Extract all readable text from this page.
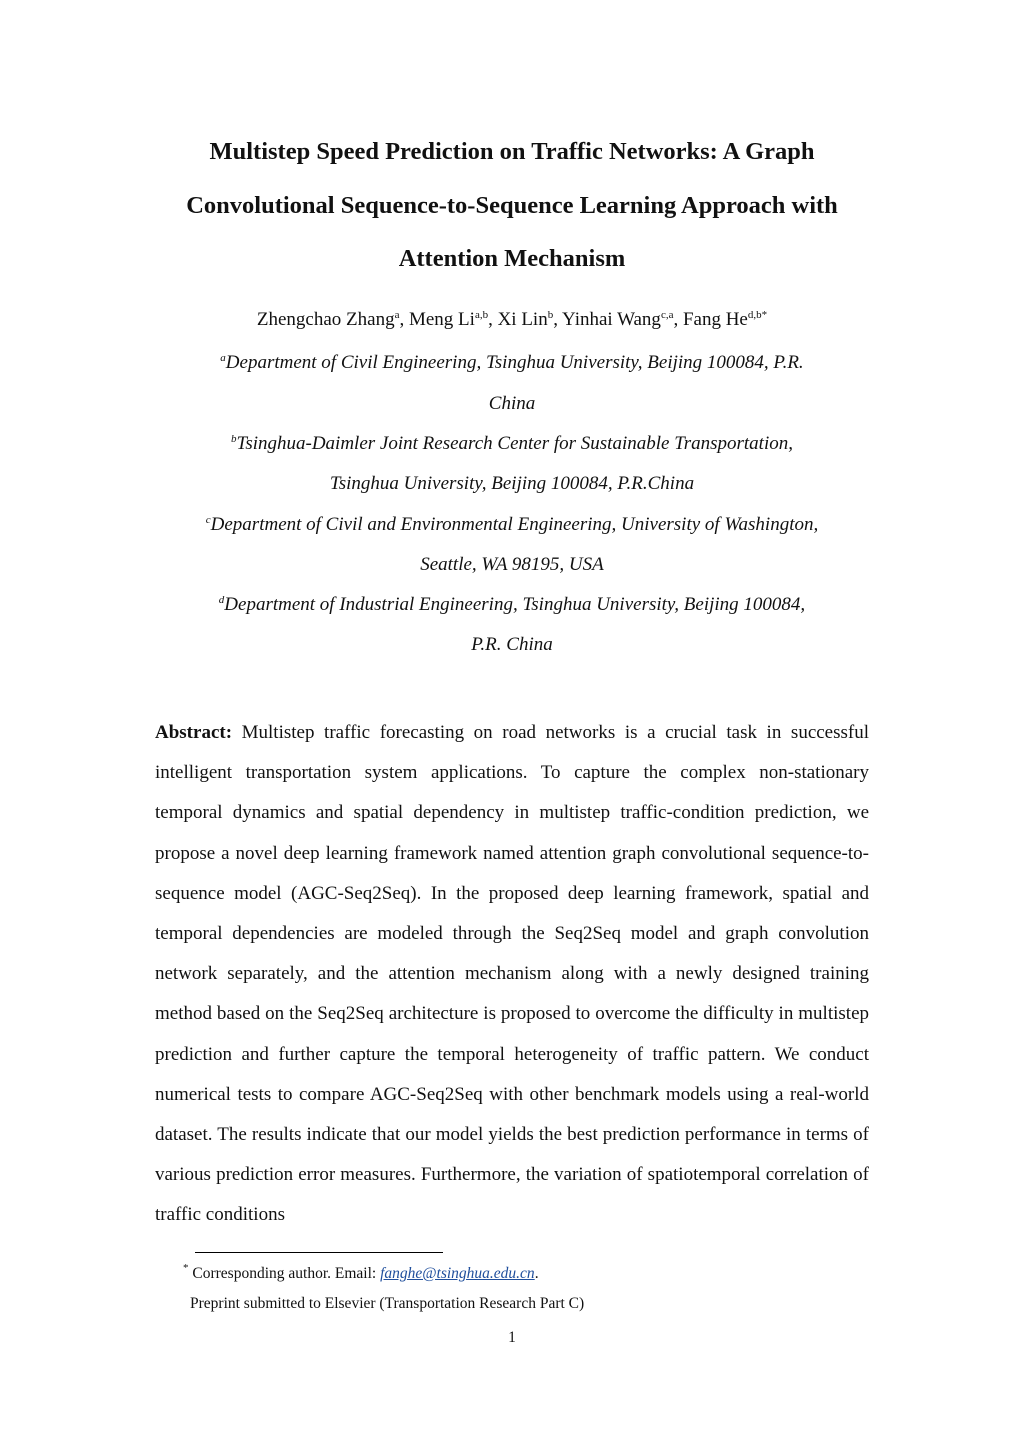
Multistep Speed Prediction on Traffic Networks: A Graph
Convolutional Sequence-to-Sequence Learning Approach with
Attention Mechanism
Zhengchao Zhang$^a$, Meng Li$^{a,b}$, Xi Lin$^b$, Yinhai Wang$^{c,a}$, Fang $He^{d,b*}$
$^a$Department of Civil Engineering, Tsinghua University, Beijing 100084, P.R.
China
$^b$Tsinghua-Daimler Joint Research Center for Sustainable Transportation,
Tsinghua University, Beijing 100084, P.R.China
$^c$Department of Civil and Environmental Engineering, University of Washington,
Seattle, WA 98195, USA
$^d$Department of Industrial Engineering, Tsinghua University, Beijing 100084,
P.R. China
Abstract: Multistep traffic forecasting on road networks is a crucial task in successful intelligent transportation system applications. To capture the complex non-stationary temporal dynamics and spatial dependency in multistep traffic-condition prediction, we propose a novel deep learning framework named attention graph convolutional sequence-to-sequence model (AGC-Seq2Seq). In the proposed deep learning framework, spatial and temporal dependencies are modeled through the Seq2Seq model and graph convolution network separately, and the attention mechanism along with a newly designed training method based on the Seq2Seq architecture is proposed to overcome the difficulty in multistep prediction and further capture the temporal heterogeneity of traffic pattern. We conduct numerical tests to compare AGC-Seq2Seq with other benchmark models using a real-world dataset. The results indicate that our model yields the best prediction performance in terms of various prediction error measures. Furthermore, the variation of spatiotemporal correlation of traffic conditions
* Corresponding author. Email: fanghe@tsinghua.edu.cn.
Preprint submitted to Elsevier (Transportation Research Part C)
1
